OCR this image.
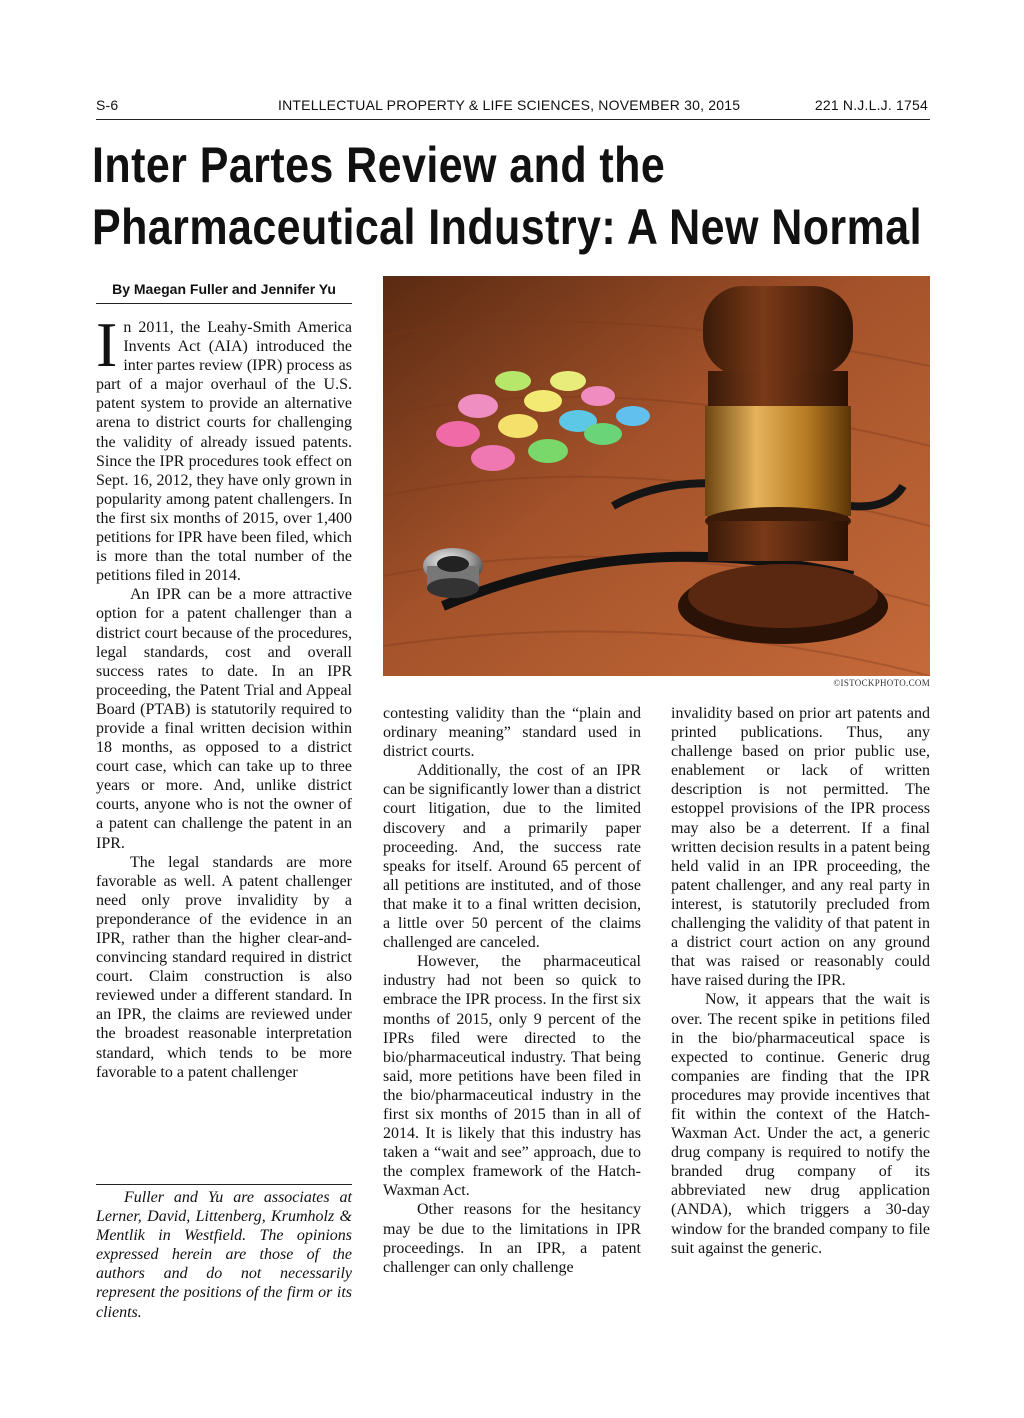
S-6	INTELLECTUAL PROPERTY & LIFE SCIENCES, NOVEMBER 30, 2015	221 N.J.L.J. 1754
Inter Partes Review and the
Pharmaceutical Industry: A New Normal
By Maegan Fuller and Jennifer Yu

In 2011, the Leahy-Smith America Invents Act (AIA) introduced the inter partes review (IPR) process as part of a major overhaul of the U.S. patent system to provide an alternative arena to district courts for challenging the validity of already issued patents. Since the IPR procedures took effect on Sept. 16, 2012, they have only grown in popularity among patent challengers. In the first six months of 2015, over 1,400 petitions for IPR have been filed, which is more than the total number of the petitions filed in 2014.

An IPR can be a more attractive option for a patent challenger than a district court because of the procedures, legal standards, cost and overall success rates to date. In an IPR proceeding, the Patent Trial and Appeal Board (PTAB) is statutorily required to provide a final written decision within 18 months, as opposed to a district court case, which can take up to three years or more. And, unlike district courts, anyone who is not the owner of a patent can challenge the patent in an IPR.

The legal standards are more favorable as well. A patent challenger need only prove invalidity by a preponderance of the evidence in an IPR, rather than the higher clear-and-convincing standard required in district court. Claim construction is also reviewed under a different standard. In an IPR, the claims are reviewed under the broadest reasonable interpretation standard, which tends to be more favorable to a patent challenger

Fuller and Yu are associates at Lerner, David, Littenberg, Krumholz & Mentlik in Westfield. The opinions expressed herein are those of the authors and do not necessarily represent the positions of the firm or its clients.

©ISTOCKPHOTO.COM

contesting validity than the “plain and ordinary meaning” standard used in district courts.

Additionally, the cost of an IPR can be significantly lower than a district court litigation, due to the limited discovery and a primarily paper proceeding. And, the success rate speaks for itself. Around 65 percent of all petitions are instituted, and of those that make it to a final written decision, a little over 50 percent of the claims challenged are canceled.

However, the pharmaceutical industry had not been so quick to embrace the IPR process. In the first six months of 2015, only 9 percent of the IPRs filed were directed to the bio/pharmaceutical industry. That being said, more petitions have been filed in the bio/pharmaceutical industry in the first six months of 2015 than in all of 2014. It is likely that this industry has taken a “wait and see” approach, due to the complex framework of the Hatch-Waxman Act.

Other reasons for the hesitancy may be due to the limitations in IPR proceedings. In an IPR, a patent challenger can only challenge

invalidity based on prior art patents and printed publications. Thus, any challenge based on prior public use, enablement or lack of written description is not permitted. The estoppel provisions of the IPR process may also be a deterrent. If a final written decision results in a patent being held valid in an IPR proceeding, the patent challenger, and any real party in interest, is statutorily precluded from challenging the validity of that patent in a district court action on any ground that was raised or reasonably could have raised during the IPR.

Now, it appears that the wait is over. The recent spike in petitions filed in the bio/pharmaceutical space is expected to continue. Generic drug companies are finding that the IPR procedures may provide incentives that fit within the context of the Hatch-Waxman Act. Under the act, a generic drug company is required to notify the branded drug company of its abbreviated new drug application (ANDA), which triggers a 30-day window for the branded company to file suit against the generic.
